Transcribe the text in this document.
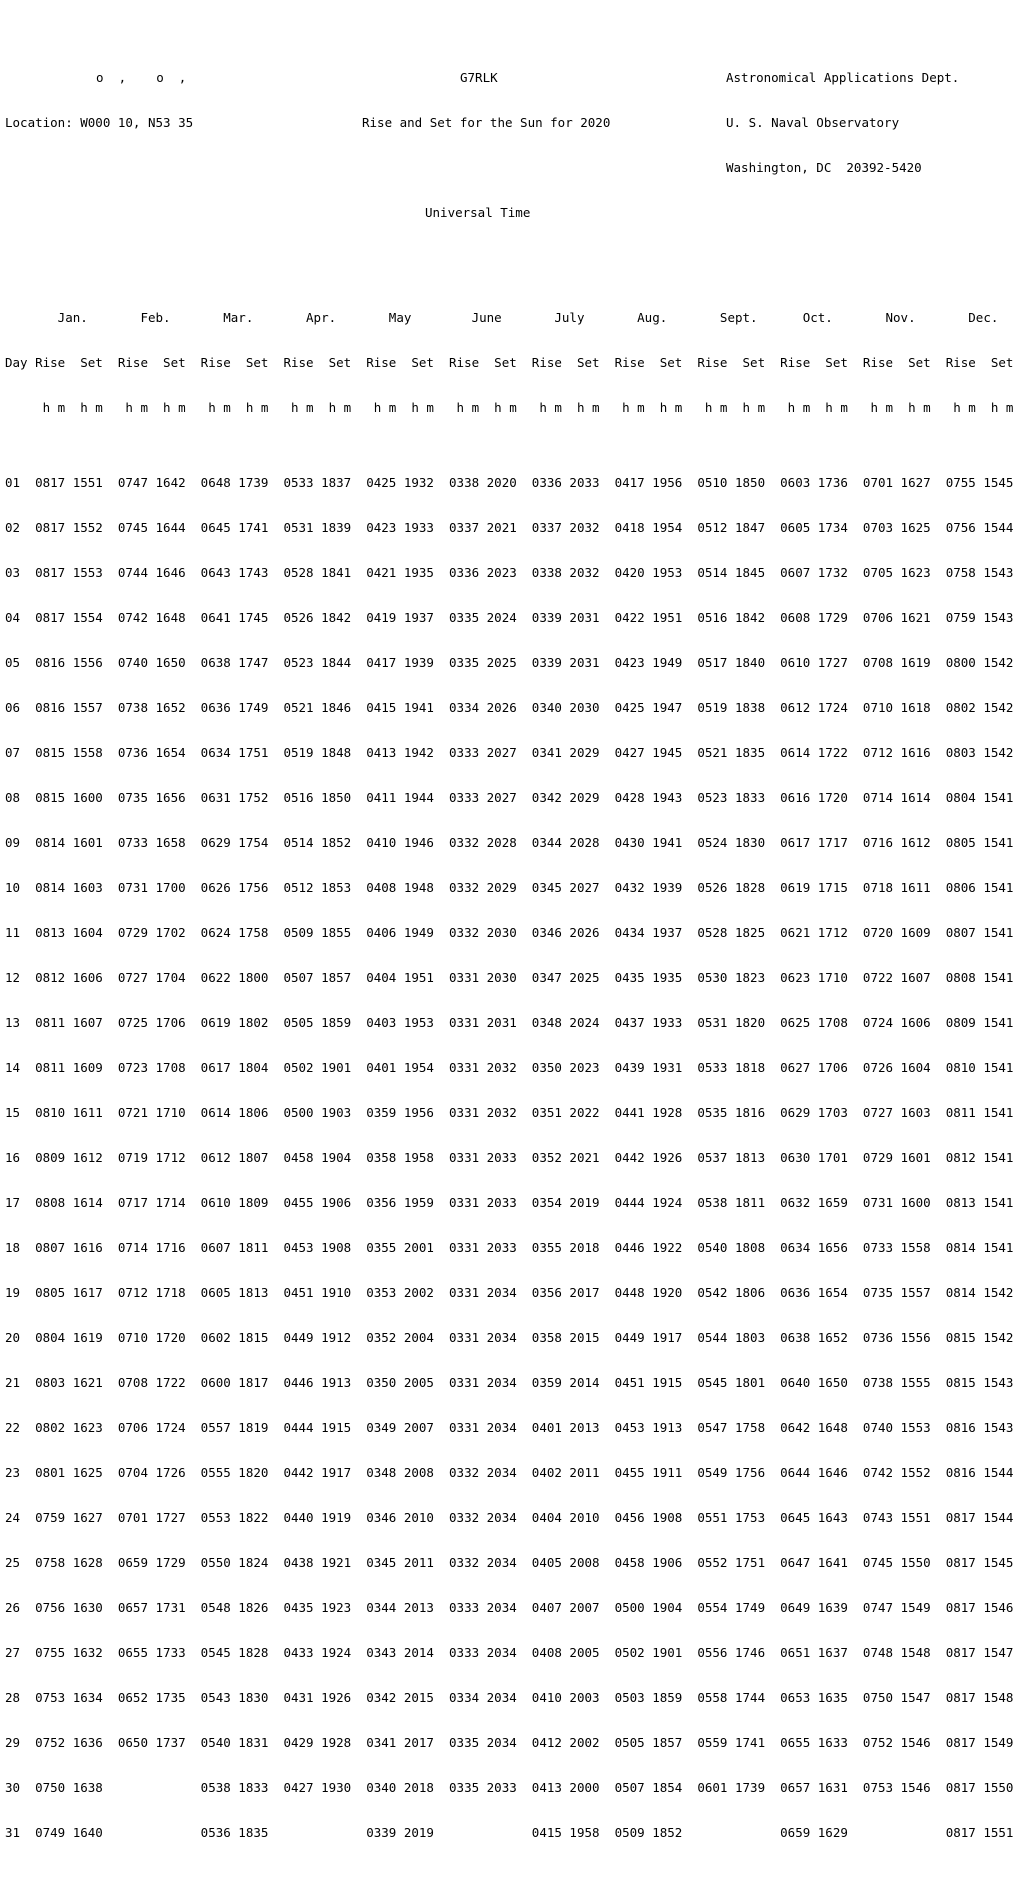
o  ,    o  ,

	G7RLK

	Astronomical Applications Dept.

Location: W000 10, N53 35

	Rise and Set for the Sun for 2020

	U. S. Naval Observatory

Washington, DC  20392-5420

Universal Time

Jan.       Feb.       Mar.       Apr.       May        June       July       Aug.       Sept.      Oct.       Nov.       Dec.

Day Rise  Set  Rise  Set  Rise  Set  Rise  Set  Rise  Set  Rise  Set  Rise  Set  Rise  Set  Rise  Set  Rise  Set  Rise  Set  Rise  Set

h m  h m   h m  h m   h m  h m   h m  h m   h m  h m   h m  h m   h m  h m   h m  h m   h m  h m   h m  h m   h m  h m   h m  h m

01  0817 1551  0747 1642  0648 1739  0533 1837  0425 1932  0338 2020  0336 2033  0417 1956  0510 1850  0603 1736  0701 1627  0755 1545

02  0817 1552  0745 1644  0645 1741  0531 1839  0423 1933  0337 2021  0337 2032  0418 1954  0512 1847  0605 1734  0703 1625  0756 1544

03  0817 1553  0744 1646  0643 1743  0528 1841  0421 1935  0336 2023  0338 2032  0420 1953  0514 1845  0607 1732  0705 1623  0758 1543

04  0817 1554  0742 1648  0641 1745  0526 1842  0419 1937  0335 2024  0339 2031  0422 1951  0516 1842  0608 1729  0706 1621  0759 1543

05  0816 1556  0740 1650  0638 1747  0523 1844  0417 1939  0335 2025  0339 2031  0423 1949  0517 1840  0610 1727  0708 1619  0800 1542

06  0816 1557  0738 1652  0636 1749  0521 1846  0415 1941  0334 2026  0340 2030  0425 1947  0519 1838  0612 1724  0710 1618  0802 1542

07  0815 1558  0736 1654  0634 1751  0519 1848  0413 1942  0333 2027  0341 2029  0427 1945  0521 1835  0614 1722  0712 1616  0803 1542

08  0815 1600  0735 1656  0631 1752  0516 1850  0411 1944  0333 2027  0342 2029  0428 1943  0523 1833  0616 1720  0714 1614  0804 1541

09  0814 1601  0733 1658  0629 1754  0514 1852  0410 1946  0332 2028  0344 2028  0430 1941  0524 1830  0617 1717  0716 1612  0805 1541

10  0814 1603  0731 1700  0626 1756  0512 1853  0408 1948  0332 2029  0345 2027  0432 1939  0526 1828  0619 1715  0718 1611  0806 1541

11  0813 1604  0729 1702  0624 1758  0509 1855  0406 1949  0332 2030  0346 2026  0434 1937  0528 1825  0621 1712  0720 1609  0807 1541

12  0812 1606  0727 1704  0622 1800  0507 1857  0404 1951  0331 2030  0347 2025  0435 1935  0530 1823  0623 1710  0722 1607  0808 1541

13  0811 1607  0725 1706  0619 1802  0505 1859  0403 1953  0331 2031  0348 2024  0437 1933  0531 1820  0625 1708  0724 1606  0809 1541

14  0811 1609  0723 1708  0617 1804  0502 1901  0401 1954  0331 2032  0350 2023  0439 1931  0533 1818  0627 1706  0726 1604  0810 1541

15  0810 1611  0721 1710  0614 1806  0500 1903  0359 1956  0331 2032  0351 2022  0441 1928  0535 1816  0629 1703  0727 1603  0811 1541

16  0809 1612  0719 1712  0612 1807  0458 1904  0358 1958  0331 2033  0352 2021  0442 1926  0537 1813  0630 1701  0729 1601  0812 1541

17  0808 1614  0717 1714  0610 1809  0455 1906  0356 1959  0331 2033  0354 2019  0444 1924  0538 1811  0632 1659  0731 1600  0813 1541

18  0807 1616  0714 1716  0607 1811  0453 1908  0355 2001  0331 2033  0355 2018  0446 1922  0540 1808  0634 1656  0733 1558  0814 1541

19  0805 1617  0712 1718  0605 1813  0451 1910  0353 2002  0331 2034  0356 2017  0448 1920  0542 1806  0636 1654  0735 1557  0814 1542

20  0804 1619  0710 1720  0602 1815  0449 1912  0352 2004  0331 2034  0358 2015  0449 1917  0544 1803  0638 1652  0736 1556  0815 1542

21  0803 1621  0708 1722  0600 1817  0446 1913  0350 2005  0331 2034  0359 2014  0451 1915  0545 1801  0640 1650  0738 1555  0815 1543

22  0802 1623  0706 1724  0557 1819  0444 1915  0349 2007  0331 2034  0401 2013  0453 1913  0547 1758  0642 1648  0740 1553  0816 1543

23  0801 1625  0704 1726  0555 1820  0442 1917  0348 2008  0332 2034  0402 2011  0455 1911  0549 1756  0644 1646  0742 1552  0816 1544

24  0759 1627  0701 1727  0553 1822  0440 1919  0346 2010  0332 2034  0404 2010  0456 1908  0551 1753  0645 1643  0743 1551  0817 1544

25  0758 1628  0659 1729  0550 1824  0438 1921  0345 2011  0332 2034  0405 2008  0458 1906  0552 1751  0647 1641  0745 1550  0817 1545

26  0756 1630  0657 1731  0548 1826  0435 1923  0344 2013  0333 2034  0407 2007  0500 1904  0554 1749  0649 1639  0747 1549  0817 1546

27  0755 1632  0655 1733  0545 1828  0433 1924  0343 2014  0333 2034  0408 2005  0502 1901  0556 1746  0651 1637  0748 1548  0817 1547

28  0753 1634  0652 1735  0543 1830  0431 1926  0342 2015  0334 2034  0410 2003  0503 1859  0558 1744  0653 1635  0750 1547  0817 1548

29  0752 1636  0650 1737  0540 1831  0429 1928  0341 2017  0335 2034  0412 2002  0505 1857  0559 1741  0655 1633  0752 1546  0817 1549

30  0750 1638             0538 1833  0427 1930  0340 2018  0335 2033  0413 2000  0507 1854  0601 1739  0657 1631  0753 1546  0817 1550

31  0749 1640             0536 1835             0339 2019             0415 1958  0509 1852             0659 1629             0817 1551
